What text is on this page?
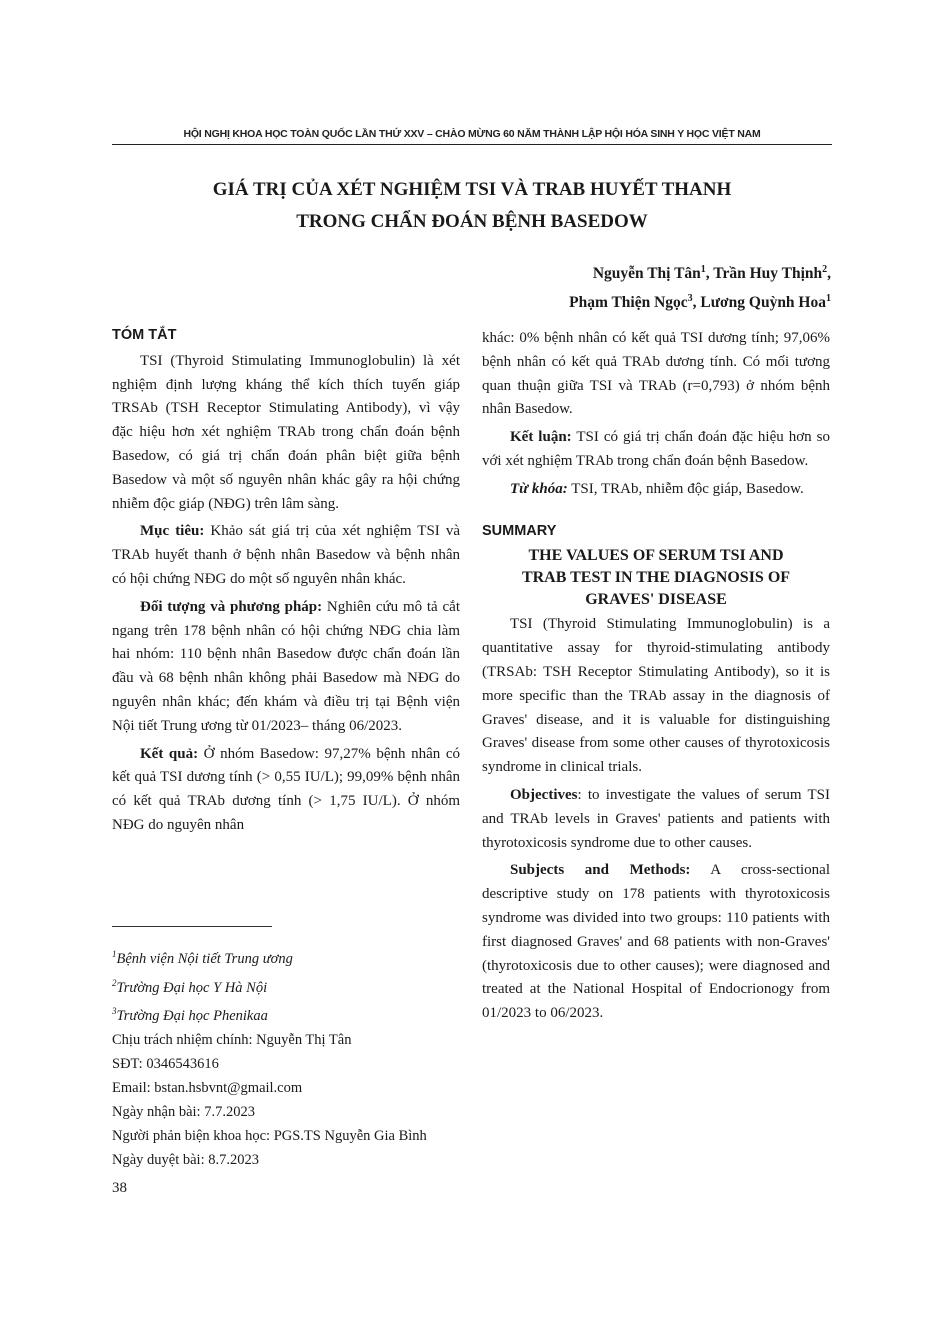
HỘI NGHỊ KHOA HỌC TOÀN QUỐC LẦN THỨ XXV – CHÀO MỪNG 60 NĂM THÀNH LẬP HỘI HÓA SINH Y HỌC VIỆT NAM
GIÁ TRỊ CỦA XÉT NGHIỆM TSI VÀ TRAB HUYẾT THANH
TRONG CHẨN ĐOÁN BỆNH BASEDOW
Nguyễn Thị Tân$^1$, Trần Huy Thịnh$^2$,
Phạm Thiện Ngọc$^3$, Lương Quỳnh Hoa$^1$
TÓM TẮT

TSI (Thyroid Stimulating Immunoglobulin) là xét nghiệm định lượng kháng thể kích thích tuyến giáp TRSAb (TSH Receptor Stimulating Antibody), vì vậy đặc hiệu hơn xét nghiệm TRAb trong chẩn đoán bệnh Basedow, có giá trị chẩn đoán phân biệt giữa bệnh Basedow và một số nguyên nhân khác gây ra hội chứng nhiễm độc giáp (NĐG) trên lâm sàng.

Mục tiêu: Khảo sát giá trị của xét nghiệm TSI và TRAb huyết thanh ở bệnh nhân Basedow và bệnh nhân có hội chứng NĐG do một số nguyên nhân khác.

Đối tượng và phương pháp: Nghiên cứu mô tả cắt ngang trên 178 bệnh nhân có hội chứng NĐG chia làm hai nhóm: 110 bệnh nhân Basedow được chẩn đoán lần đầu và 68 bệnh nhân không phải Basedow mà NĐG do nguyên nhân khác; đến khám và điều trị tại Bệnh viện Nội tiết Trung ương từ 01/2023– tháng 06/2023.

Kết quả: Ở nhóm Basedow: 97,27% bệnh nhân có kết quả TSI dương tính (> 0,55 IU/L); 99,09% bệnh nhân có kết quả TRAb dương tính (> 1,75 IU/L). Ở nhóm NĐG do nguyên nhân

$^1$Bệnh viện Nội tiết Trung ương
$^2$Trường Đại học Y Hà Nội
$^3$Trường Đại học Phenikaa
Chịu trách nhiệm chính: Nguyễn Thị Tân
SĐT: 0346543616
Email: bstan.hsbvnt@gmail.com
Ngày nhận bài: 7.7.2023
Người phản biện khoa học: PGS.TS Nguyễn Gia Bình
Ngày duyệt bài: 8.7.2023

khác: 0% bệnh nhân có kết quả TSI dương tính; 97,06% bệnh nhân có kết quả TRAb dương tính. Có mối tương quan thuận giữa TSI và TRAb (r=0,793) ở nhóm bệnh nhân Basedow.

Kết luận: TSI có giá trị chẩn đoán đặc hiệu hơn so với xét nghiệm TRAb trong chẩn đoán bệnh Basedow.

Từ khóa: TSI, TRAb, nhiễm độc giáp, Basedow.

SUMMARY
THE VALUES OF SERUM TSI AND
TRAB TEST IN THE DIAGNOSIS OF
GRAVES' DISEASE

TSI (Thyroid Stimulating Immunoglobulin) is a quantitative assay for thyroid-stimulating antibody (TRSAb: TSH Receptor Stimulating Antibody), so it is more specific than the TRAb assay in the diagnosis of Graves' disease, and it is valuable for distinguishing Graves' disease from some other causes of thyrotoxicosis syndrome in clinical trials.

Objectives: to investigate the values of serum TSI and TRAb levels in Graves' patients and patients with thyrotoxicosis syndrome due to other causes.

Subjects and Methods: A cross-sectional descriptive study on 178 patients with thyrotoxicosis syndrome was divided into two groups: 110 patients with first diagnosed Graves' and 68 patients with non-Graves' (thyrotoxicosis due to other causes); were diagnosed and treated at the National Hospital of Endocrionogy from 01/2023 to 06/2023.

38
